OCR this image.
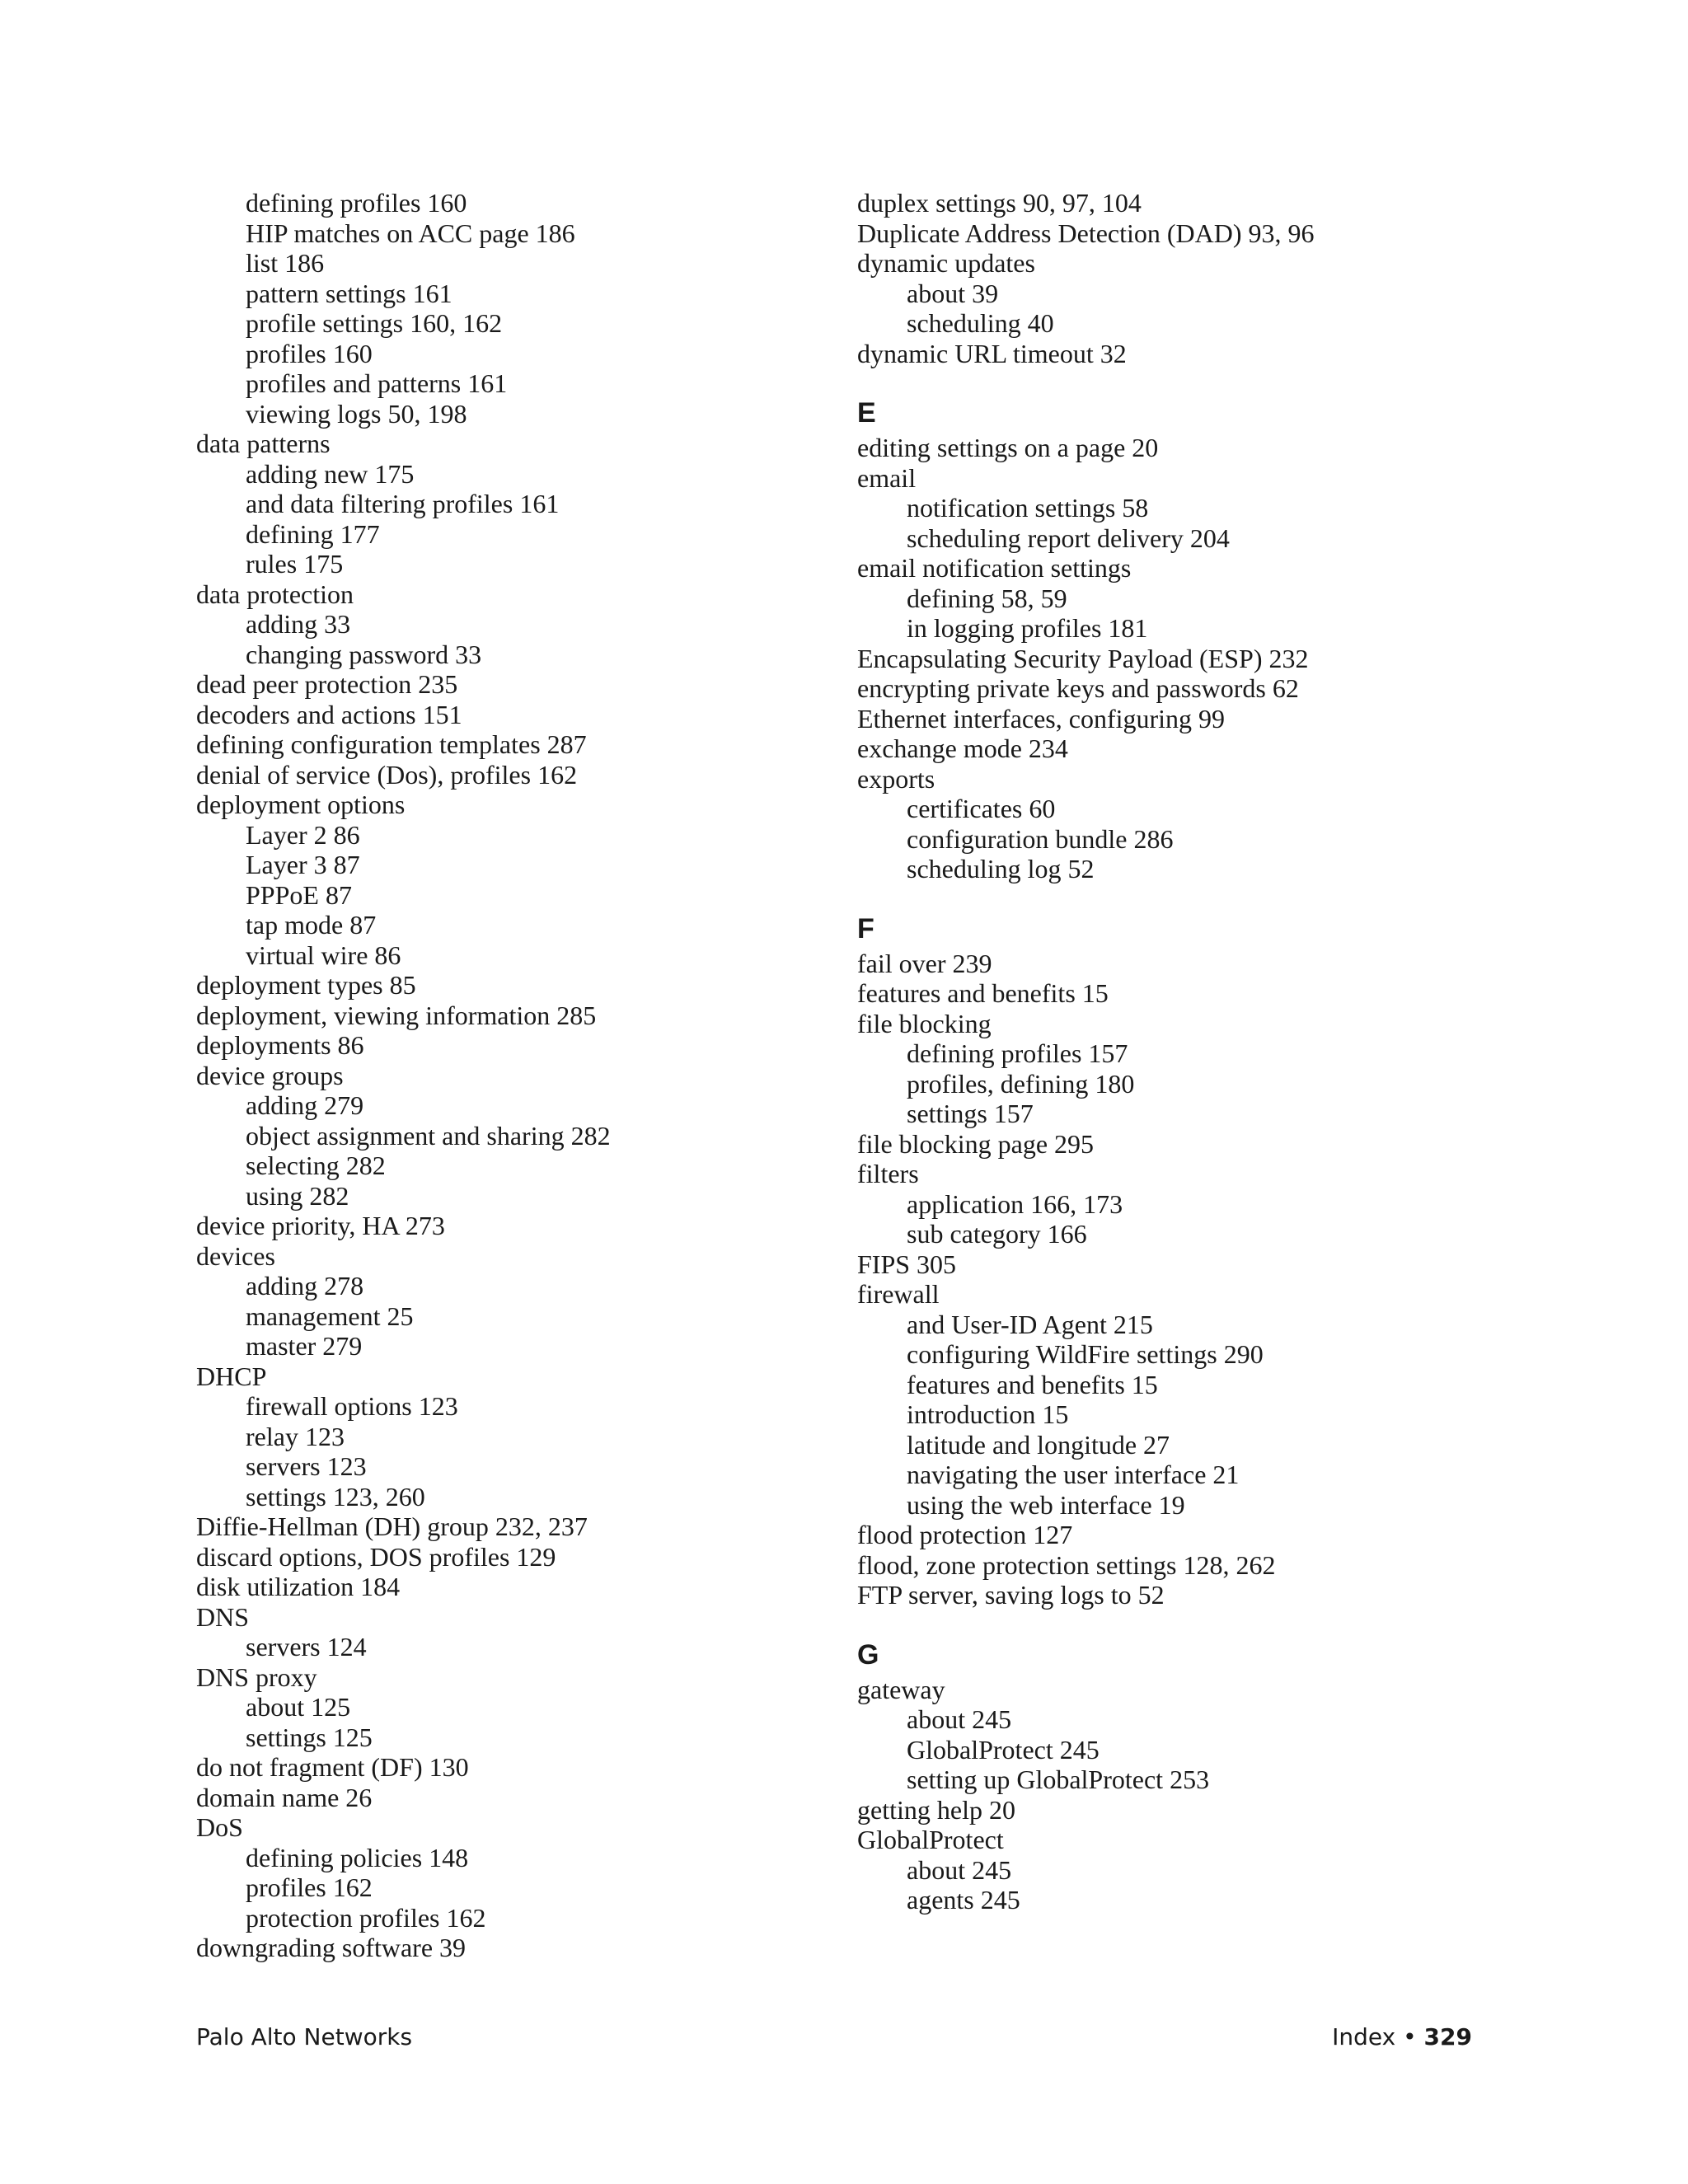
defining profiles 160
HIP matches on ACC page 186
list 186
pattern settings 161
profile settings 160, 162
profiles 160
profiles and patterns 161
viewing logs 50, 198
data patterns
adding new 175
and data filtering profiles 161
defining 177
rules 175
data protection
adding 33
changing password 33
dead peer protection 235
decoders and actions 151
defining configuration templates 287
denial of service (Dos), profiles 162
deployment options
Layer 2 86
Layer 3 87
PPPoE 87
tap mode 87
virtual wire 86
deployment types 85
deployment, viewing information 285
deployments 86
device groups
adding 279
object assignment and sharing 282
selecting 282
using 282
device priority, HA 273
devices
adding 278
management 25
master 279
DHCP
firewall options 123
relay 123
servers 123
settings 123, 260
Diffie-Hellman (DH) group 232, 237
discard options, DOS profiles 129
disk utilization 184
DNS
servers 124
DNS proxy
about 125
settings 125
do not fragment (DF) 130
domain name 26
DoS
defining policies 148
profiles 162
protection profiles 162
downgrading software 39
duplex settings 90, 97, 104
Duplicate Address Detection (DAD) 93, 96
dynamic updates
about 39
scheduling 40
dynamic URL timeout 32
E
editing settings on a page 20
email
notification settings 58
scheduling report delivery 204
email notification settings
defining 58, 59
in logging profiles 181
Encapsulating Security Payload (ESP) 232
encrypting private keys and passwords 62
Ethernet interfaces, configuring 99
exchange mode 234
exports
certificates 60
configuration bundle 286
scheduling log 52
F
fail over 239
features and benefits 15
file blocking
defining profiles 157
profiles, defining 180
settings 157
file blocking page 295
filters
application 166, 173
sub category 166
FIPS 305
firewall
and User-ID Agent 215
configuring WildFire settings 290
features and benefits 15
introduction 15
latitude and longitude 27
navigating the user interface 21
using the web interface 19
flood protection 127
flood, zone protection settings 128, 262
FTP server, saving logs to 52
G
gateway
about 245
GlobalProtect 245
setting up GlobalProtect 253
getting help 20
GlobalProtect
about 245
agents 245
Palo Alto Networks	Index • 329
